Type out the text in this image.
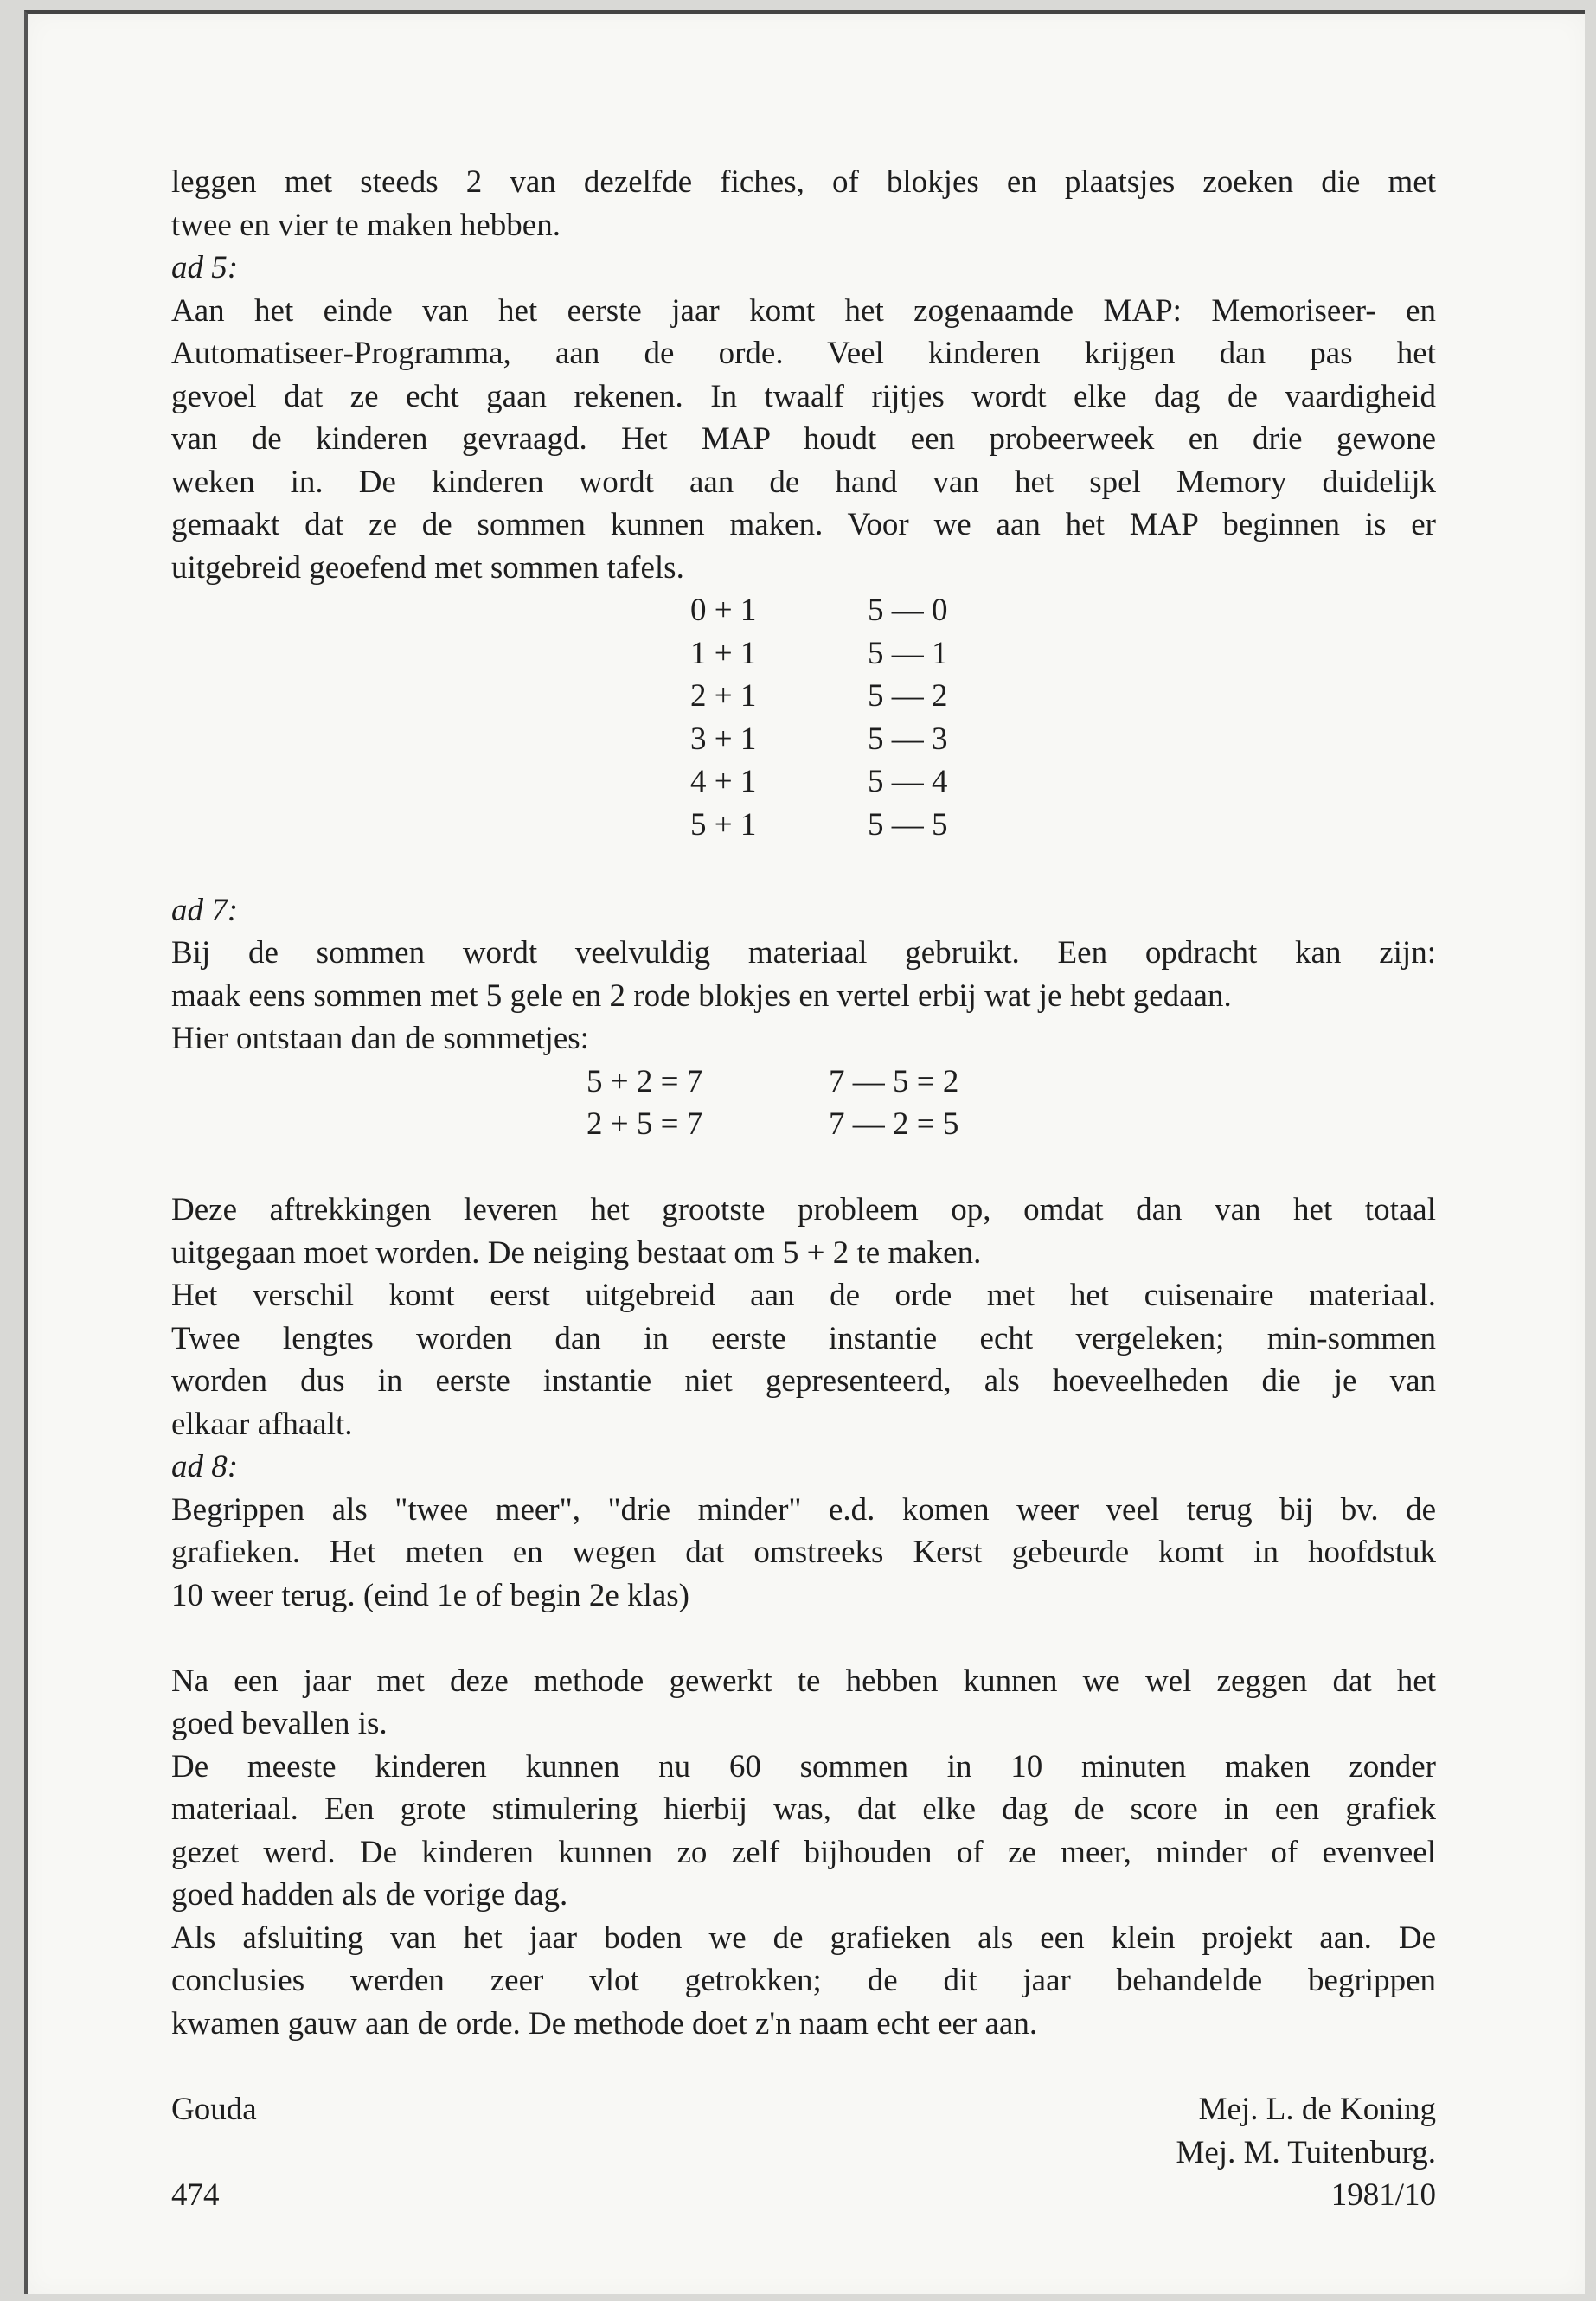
leggen met steeds 2 van dezelfde fiches, of blokjes en plaatsjes zoeken die met
twee en vier te maken hebben.
ad 5:
Aan het einde van het eerste jaar komt het zogenaamde MAP: Memoriseer- en
Automatiseer-Programma, aan de orde. Veel kinderen krijgen dan pas het
gevoel dat ze echt gaan rekenen. In twaalf rijtjes wordt elke dag de vaardigheid
van de kinderen gevraagd. Het MAP houdt een probeerweek en drie gewone
weken in. De kinderen wordt aan de hand van het spel Memory duidelijk
gemaakt dat ze de sommen kunnen maken. Voor we aan het MAP beginnen is er
uitgebreid geoefend met sommen tafels.
0 + 1
1 + 1
2 + 1
3 + 1
4 + 1
5 + 1
5 — 0
5 — 1
5 — 2
5 — 3
5 — 4
5 — 5
ad 7:
Bij de sommen wordt veelvuldig materiaal gebruikt. Een opdracht kan zijn:
maak eens sommen met 5 gele en 2 rode blokjes en vertel erbij wat je hebt gedaan.
Hier ontstaan dan de sommetjes:
5 + 2 = 7
2 + 5 = 7
7 — 5 = 2
7 — 2 = 5
Deze aftrekkingen leveren het grootste probleem op, omdat dan van het totaal
uitgegaan moet worden. De neiging bestaat om 5 + 2 te maken.
Het verschil komt eerst uitgebreid aan de orde met het cuisenaire materiaal.
Twee lengtes worden dan in eerste instantie echt vergeleken; min-sommen
worden dus in eerste instantie niet gepresenteerd, als hoeveelheden die je van
elkaar afhaalt.
ad 8:
Begrippen als "twee meer", "drie minder" e.d. komen weer veel terug bij bv. de
grafieken. Het meten en wegen dat omstreeks Kerst gebeurde komt in hoofdstuk
10 weer terug. (eind 1e of begin 2e klas)
Na een jaar met deze methode gewerkt te hebben kunnen we wel zeggen dat het
goed bevallen is.
De meeste kinderen kunnen nu 60 sommen in 10 minuten maken zonder
materiaal. Een grote stimulering hierbij was, dat elke dag de score in een grafiek
gezet werd. De kinderen kunnen zo zelf bijhouden of ze meer, minder of evenveel
goed hadden als de vorige dag.
Als afsluiting van het jaar boden we de grafieken als een klein projekt aan. De
conclusies werden zeer vlot getrokken; de dit jaar behandelde begrippen
kwamen gauw aan de orde. De methode doet z'n naam echt eer aan.
Gouda	Mej. L. de Koning
Mej. M. Tuitenburg.
474	1981/10
